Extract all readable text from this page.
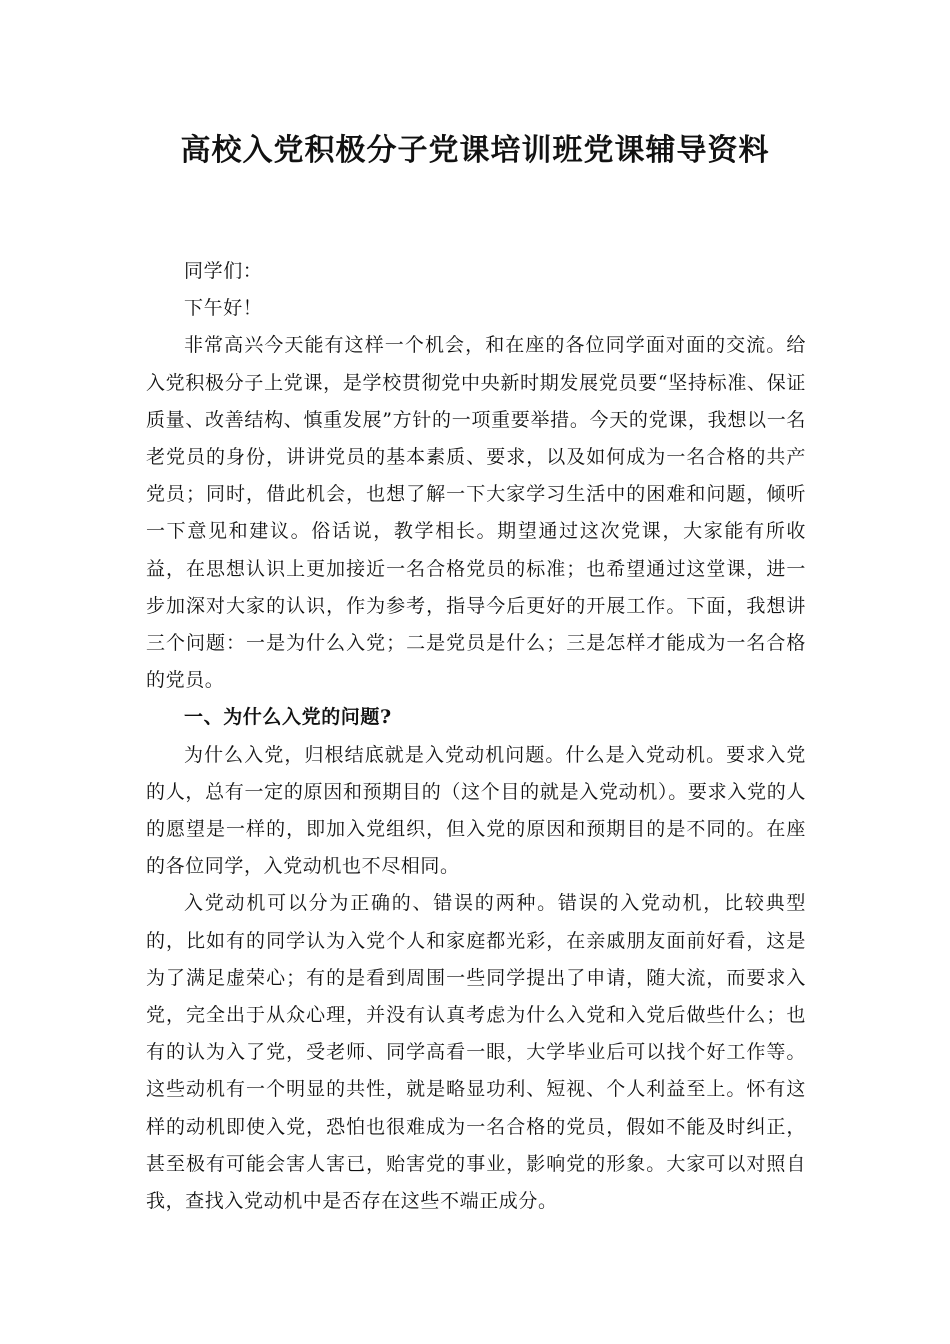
高校入党积极分子党课培训班党课辅导资料

同学们：

下午好！

非常高兴今天能有这样一个机会，和在座的各位同学面对面的交流。给入党积极分子上党课，是学校贯彻党中央新时期发展党员要“坚持标准、保证质量、改善结构、慎重发展”方针的一项重要举措。今天的党课，我想以一名老党员的身份，讲讲党员的基本素质、要求，以及如何成为一名合格的共产党员；同时，借此机会，也想了解一下大家学习生活中的困难和问题，倾听一下意见和建议。俗话说，教学相长。期望通过这次党课，大家能有所收益，在思想认识上更加接近一名合格党员的标准；也希望通过这堂课，进一步加深对大家的认识，作为参考，指导今后更好的开展工作。下面，我想讲三个问题：一是为什么入党；二是党员是什么；三是怎样才能成为一名合格的党员。

一、为什么入党的问题?

为什么入党，归根结底就是入党动机问题。什么是入党动机。要求入党的人，总有一定的原因和预期目的（这个目的就是入党动机）。要求入党的人的愿望是一样的，即加入党组织，但入党的原因和预期目的是不同的。在座的各位同学，入党动机也不尽相同。

入党动机可以分为正确的、错误的两种。错误的入党动机，比较典型的，比如有的同学认为入党个人和家庭都光彩，在亲戚朋友面前好看，这是为了满足虚荣心；有的是看到周围一些同学提出了申请，随大流，而要求入党，完全出于从众心理，并没有认真考虑为什么入党和入党后做些什么；也有的认为入了党，受老师、同学高看一眼，大学毕业后可以找个好工作等。这些动机有一个明显的共性，就是略显功利、短视、个人利益至上。怀有这样的动机即使入党，恐怕也很难成为一名合格的党员，假如不能及时纠正，甚至极有可能会害人害已，贻害党的事业，影响党的形象。大家可以对照自我，查找入党动机中是否存在这些不端正成分。
